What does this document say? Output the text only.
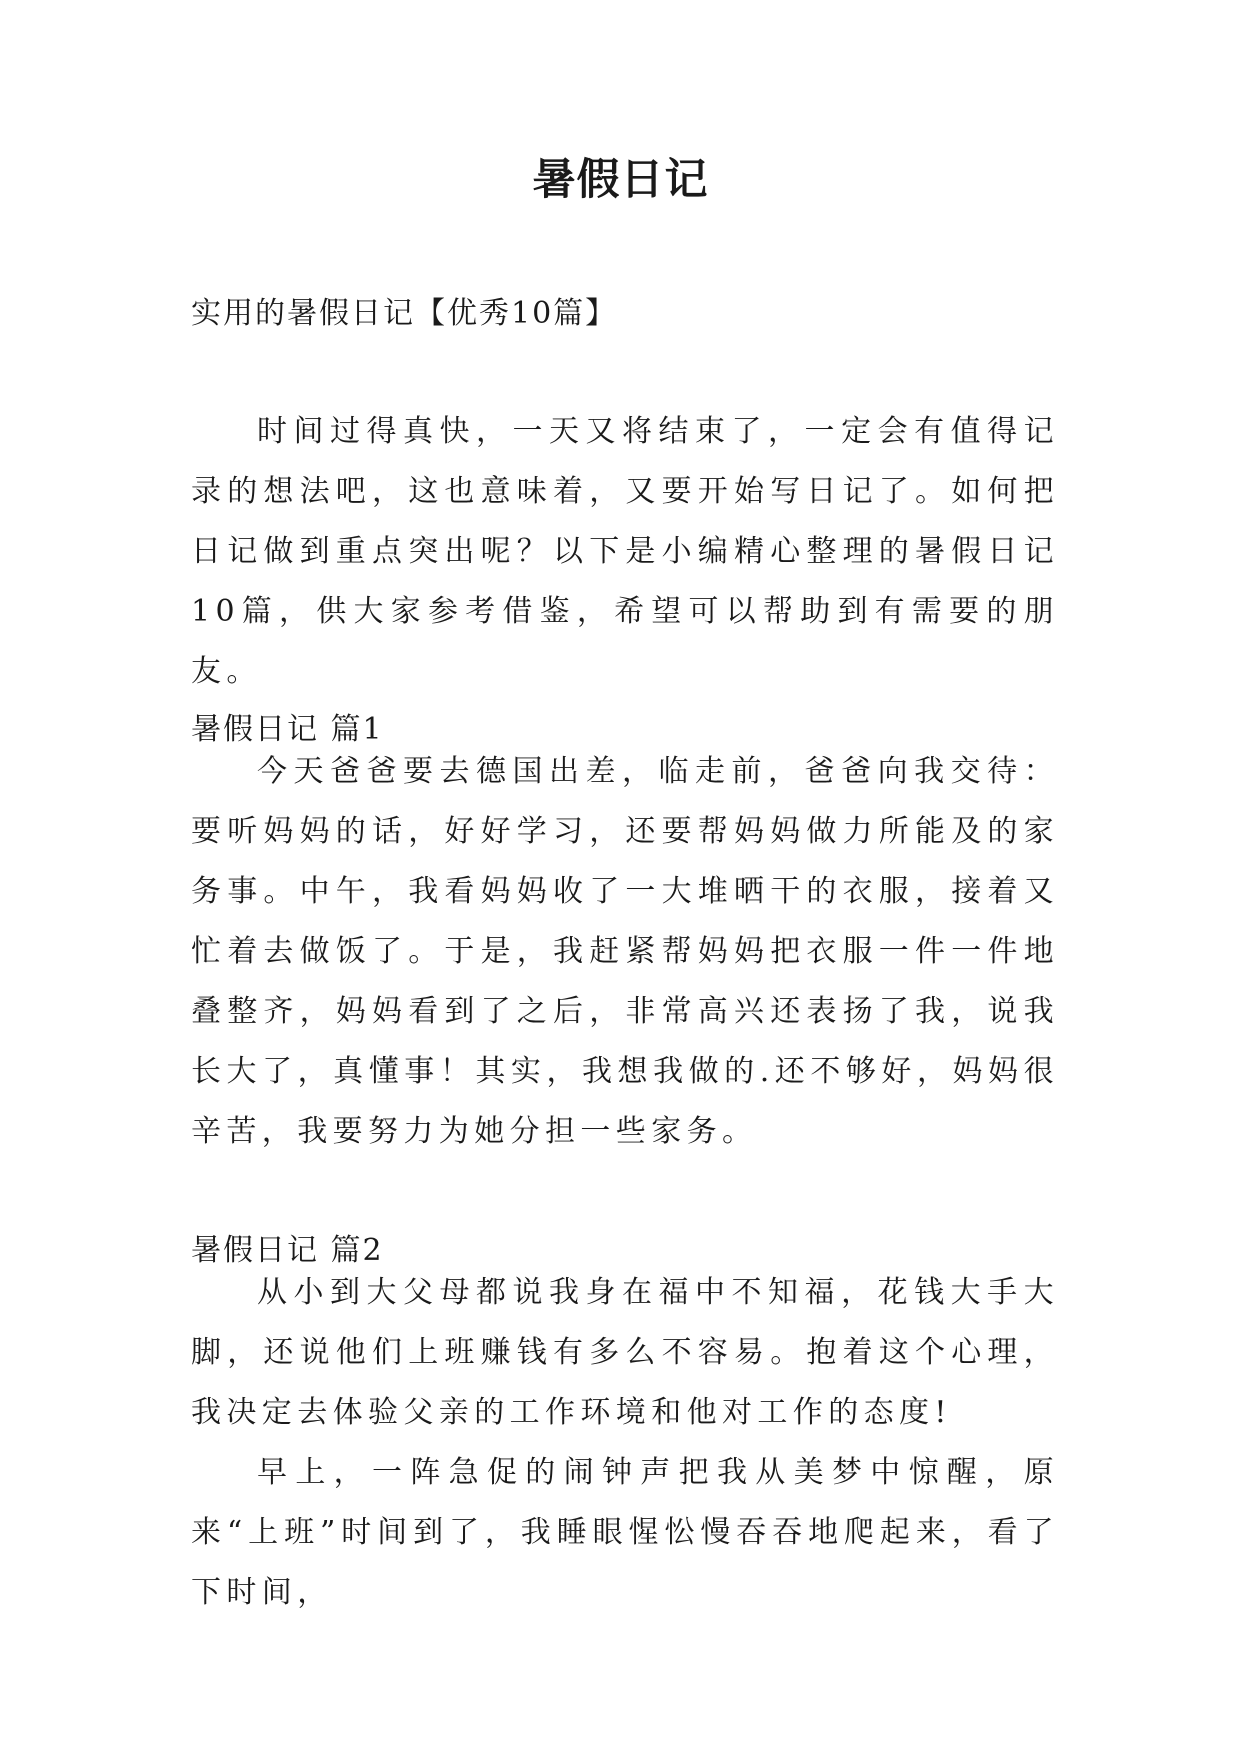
暑假日记

实用的暑假日记【优秀10篇】

时间过得真快，一天又将结束了，一定会有值得记录的想法吧，这也意味着，又要开始写日记了。如何把日记做到重点突出呢？以下是小编精心整理的暑假日记10篇，供大家参考借鉴，希望可以帮助到有需要的朋友。

暑假日记 篇1

今天爸爸要去德国出差，临走前，爸爸向我交待：要听妈妈的话，好好学习，还要帮妈妈做力所能及的家务事。中午，我看妈妈收了一大堆晒干的衣服，接着又忙着去做饭了。于是，我赶紧帮妈妈把衣服一件一件地叠整齐，妈妈看到了之后，非常高兴还表扬了我，说我长大了，真懂事！其实，我想我做的.还不够好，妈妈很辛苦，我要努力为她分担一些家务。

暑假日记 篇2

从小到大父母都说我身在福中不知福，花钱大手大脚，还说他们上班赚钱有多么不容易。抱着这个心理，我决定去体验父亲的工作环境和他对工作的态度!

早上，一阵急促的闹钟声把我从美梦中惊醒，原来“上班”时间到了，我睡眼惺忪慢吞吞地爬起来，看了下时间，
